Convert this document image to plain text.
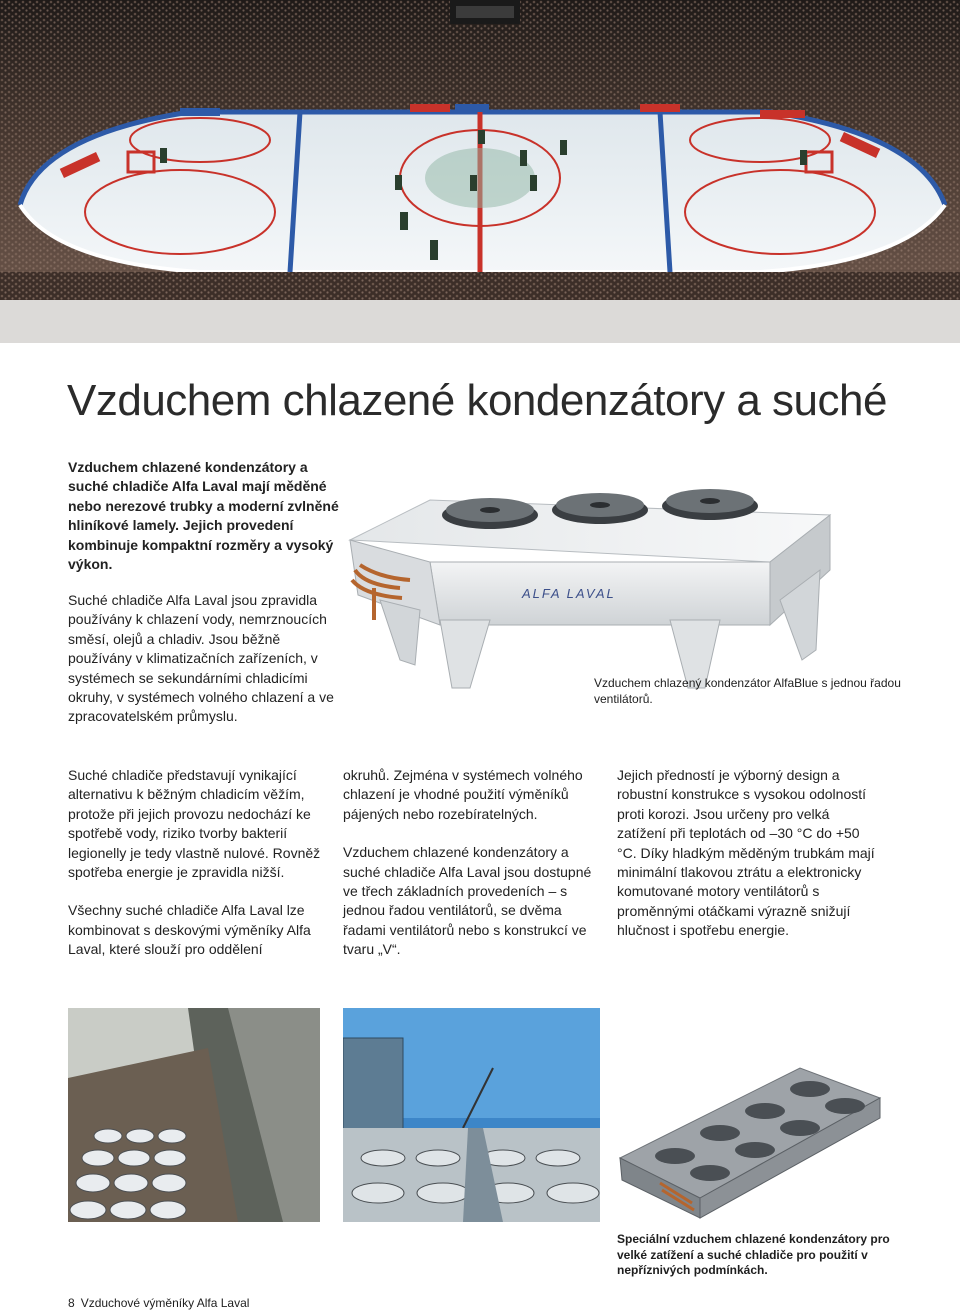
Vzduchem chlazené kondenzátory a suché

Vzduchem chlazené kondenzátory a suché chladiče Alfa Laval mají měděné nebo nerezové trubky a moderní zvlněné hliníkové lamely. Jejich provedení kombinuje kompaktní rozměry a vysoký výkon.

Suché chladiče Alfa Laval jsou zpravidla používány k chlazení vody, nemrznoucích směsí, olejů a chladiv. Jsou běžně používány v klimatizačních zařízeních, v systémech se sekundárními chladicími okruhy, v systémech volného chlazení a ve zpracovatelském průmyslu.

ALFA LAVAL
Vzduchem chlazený kondenzátor AlfaBlue s jednou řadou ventilátorů.

Suché chladiče představují vynikající alternativu k běžným chladicím věžím, protože při jejich provozu nedochází ke spotřebě vody, riziko tvorby bakterií legionelly je tedy vlastně nulové. Rovněž spotřeba energie je zpravidla nižší.

Všechny suché chladiče Alfa Laval lze kombinovat s deskovými výměníky Alfa Laval, které slouží pro oddělení

okruhů. Zejména v systémech volného chlazení je vhodné použití výměníků pájených nebo rozebíratelných.

Vzduchem chlazené kondenzátory a suché chladiče Alfa Laval jsou dostupné ve třech základních provedeních – s jednou řadou ventilátorů, se dvěma řadami ventilátorů nebo s konstrukcí ve tvaru „V“.

Jejich předností je výborný design a robustní konstrukce s vysokou odolností proti korozi. Jsou určeny pro velká zatížení při teplotách od –30 °C do +50 °C. Díky hladkým měděným trubkám mají minimální tlakovou ztrátu a elektronicky komutované motory ventilátorů s proměnnými otáčkami výrazně snižují hlučnost i spotřebu energie.

Speciální vzduchem chlazené kondenzátory pro velké zatížení a suché chladiče pro použití v nepříznivých podmínkách.
8 Vzduchové výměníky Alfa Laval
